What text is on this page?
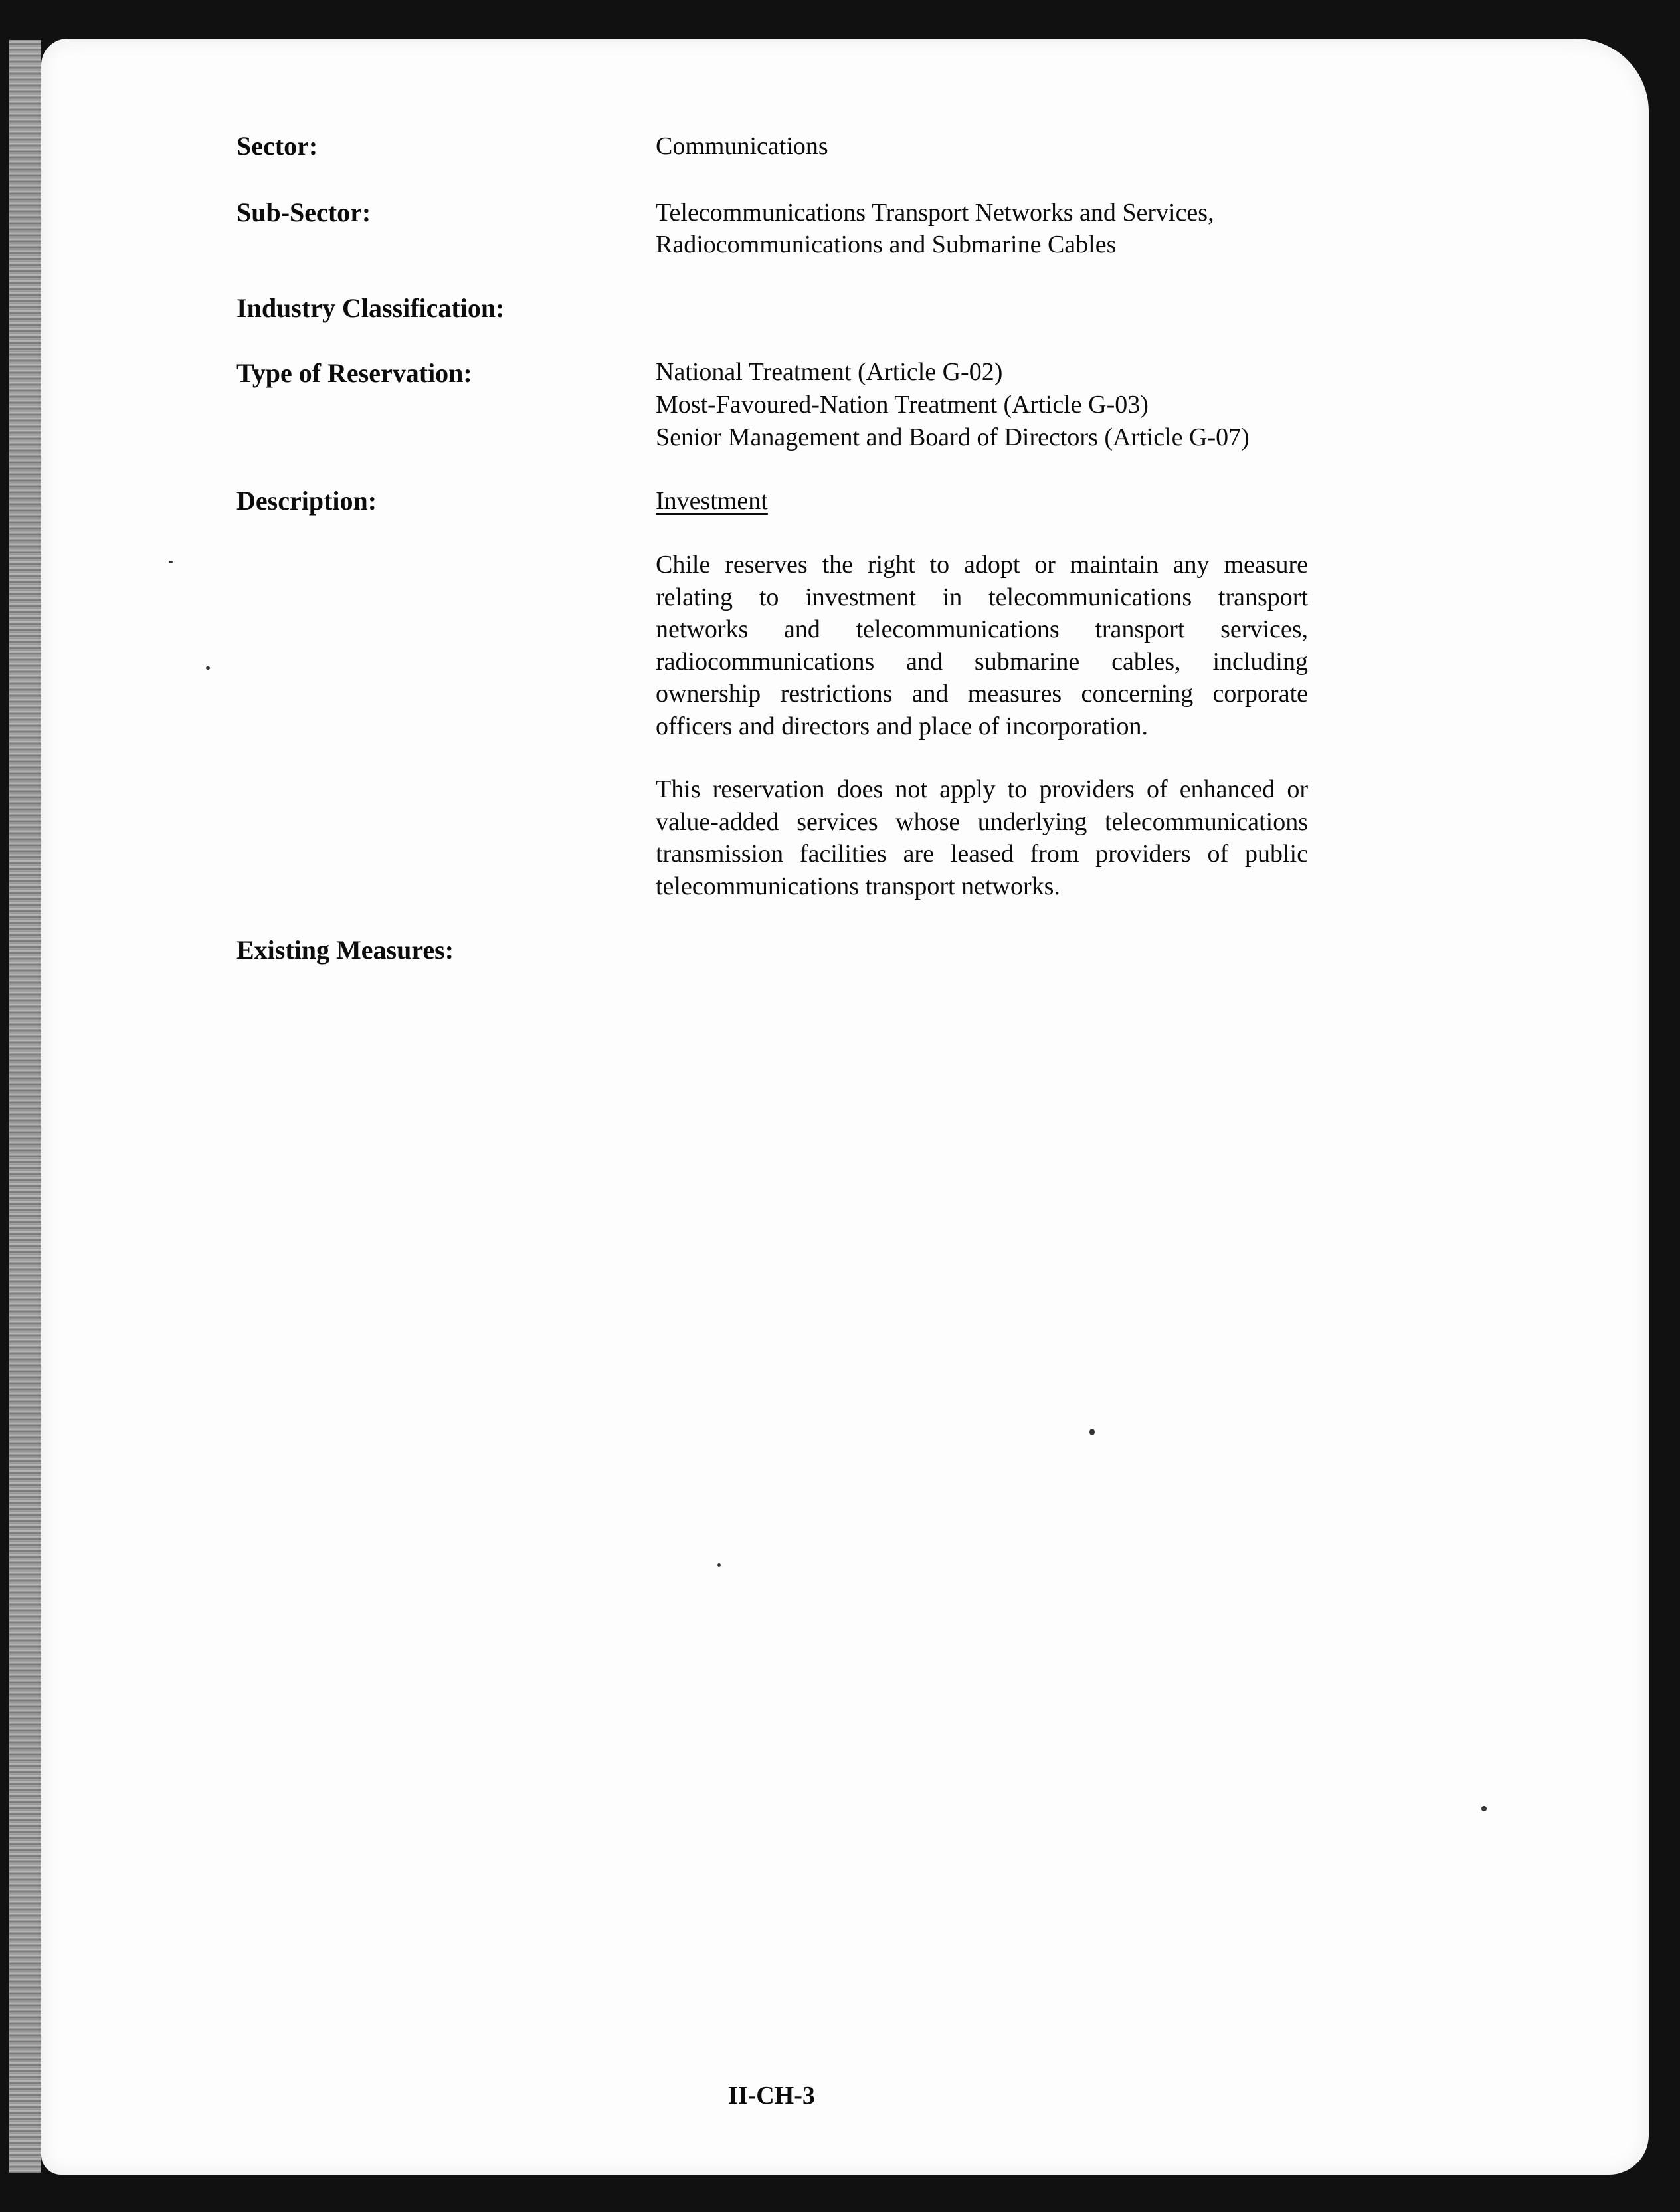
Sector:	Communications
Sub-Sector:	Telecommunications Transport Networks and Services,
Radiocommunications and Submarine Cables
Industry Classification:
Type of Reservation:	National Treatment (Article G-02)
Most-Favoured-Nation Treatment (Article G-03)
Senior Management and Board of Directors (Article G-07)
Description:	Investment
Chile reserves the right to adopt or maintain any measure
relating to investment in telecommunications transport
networks and telecommunications transport services,
radiocommunications and submarine cables, including
ownership restrictions and measures concerning corporate
officers and directors and place of incorporation.
This reservation does not apply to providers of enhanced or
value-added services whose underlying telecommunications
transmission facilities are leased from providers of public
telecommunications transport networks.
Existing Measures:
II-CH-3
